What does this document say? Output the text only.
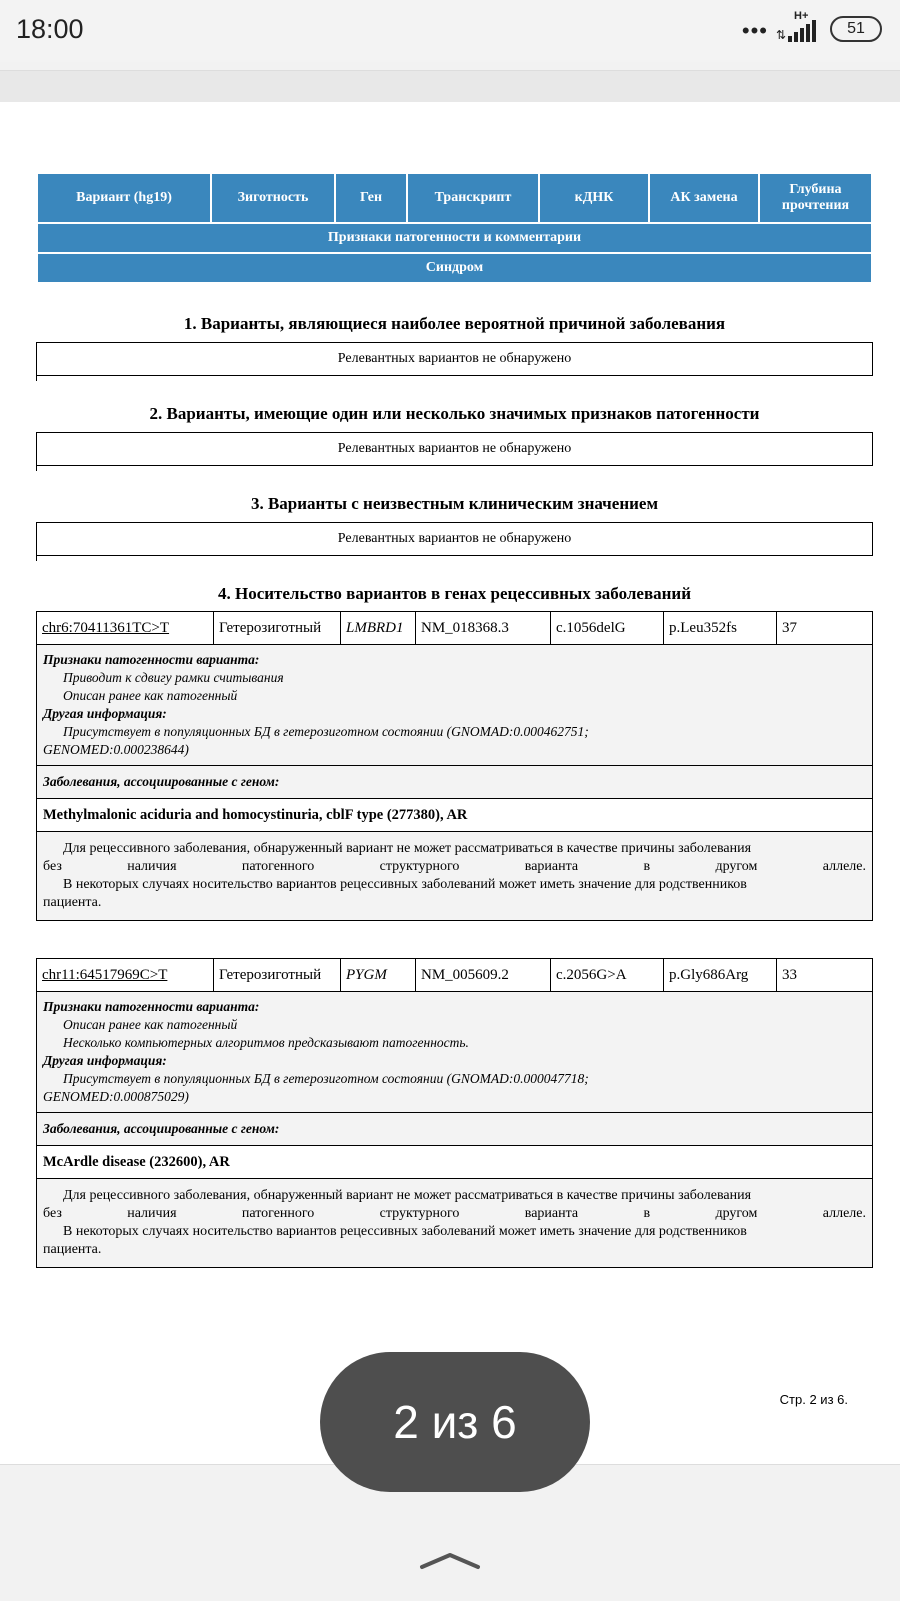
18:00	•••
H+
⇅	51
Вариант (hg19)	Зиготность	Ген	Транскрипт	кДНК	АК замена	Глубина прочтения
Признаки патогенности и комментарии
Синдром
1. Варианты, являющиеся наиболее вероятной причиной заболевания
Релевантных вариантов не обнаружено
2. Варианты, имеющие один или несколько значимых признаков патогенности
Релевантных вариантов не обнаружено
3. Варианты с неизвестным клиническим значением
Релевантных вариантов не обнаружено
4. Носительство вариантов в генах рецессивных заболеваний
chr6:70411361TC>T	Гетерозиготный	LMBRD1	NM_018368.3	c.1056delG	p.Leu352fs	37
Признаки патогенности варианта:
Приводит к сдвигу рамки считывания
Описан ранее как патогенный
Другая информация:
Присутствует в популяционных БД в гетерозиготном состоянии (GNOMAD:0.000462751;
GENOMED:0.000238644)
Заболевания, ассоциированные с геном:
Methylmalonic aciduria and homocystinuria, cblF type (277380), AR
Для рецессивного заболевания, обнаруженный вариант не может рассматриваться в качестве причины заболевания
без наличия патогенного структурного варианта в другом аллеле.
В некоторых случаях носительство вариантов рецессивных заболеваний может иметь значение для родственников
пациента.
chr11:64517969C>T	Гетерозиготный	PYGM	NM_005609.2	c.2056G>A	p.Gly686Arg	33
Признаки патогенности варианта:
Описан ранее как патогенный
Несколько компьютерных алгоритмов предсказывают патогенность.
Другая информация:
Присутствует в популяционных БД в гетерозиготном состоянии (GNOMAD:0.000047718;
GENOMED:0.000875029)
Заболевания, ассоциированные с геном:
McArdle disease (232600), AR
Для рецессивного заболевания, обнаруженный вариант не может рассматриваться в качестве причины заболевания
без наличия патогенного структурного варианта в другом аллеле.
В некоторых случаях носительство вариантов рецессивных заболеваний может иметь значение для родственников
пациента.
Стр. 2 из 6.
2 из 6
